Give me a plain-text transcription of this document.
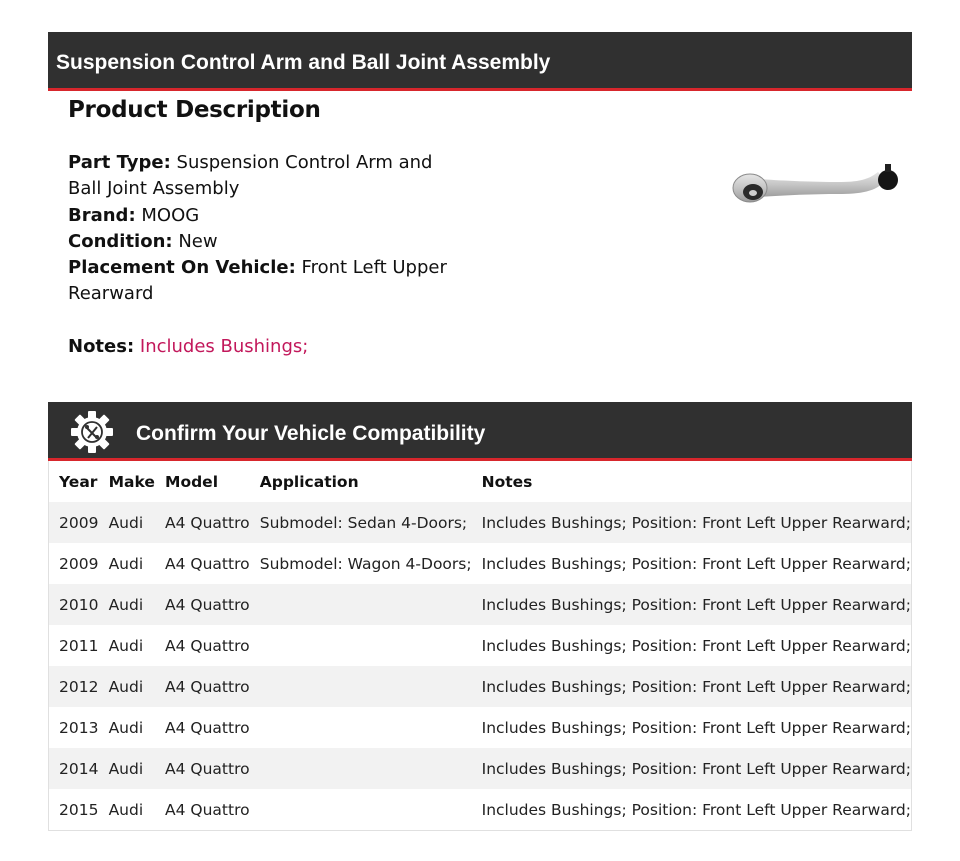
Suspension Control Arm and Ball Joint Assembly
Product Description

Part Type: Suspension Control Arm and Ball Joint Assembly

Brand: MOOG

Condition: New

Placement On Vehicle: Front Left Upper Rearward

Notes: Includes Bushings;

Confirm Your Vehicle Compatibility
Year	Make	Model	Application	Notes
2009	Audi	A4 Quattro	Submodel: Sedan 4-Doors;	Includes Bushings; Position: Front Left Upper Rearward;
2009	Audi	A4 Quattro	Submodel: Wagon 4-Doors;	Includes Bushings; Position: Front Left Upper Rearward;
2010	Audi	A4 Quattro		Includes Bushings; Position: Front Left Upper Rearward;
2011	Audi	A4 Quattro		Includes Bushings; Position: Front Left Upper Rearward;
2012	Audi	A4 Quattro		Includes Bushings; Position: Front Left Upper Rearward;
2013	Audi	A4 Quattro		Includes Bushings; Position: Front Left Upper Rearward;
2014	Audi	A4 Quattro		Includes Bushings; Position: Front Left Upper Rearward;
2015	Audi	A4 Quattro		Includes Bushings; Position: Front Left Upper Rearward;
